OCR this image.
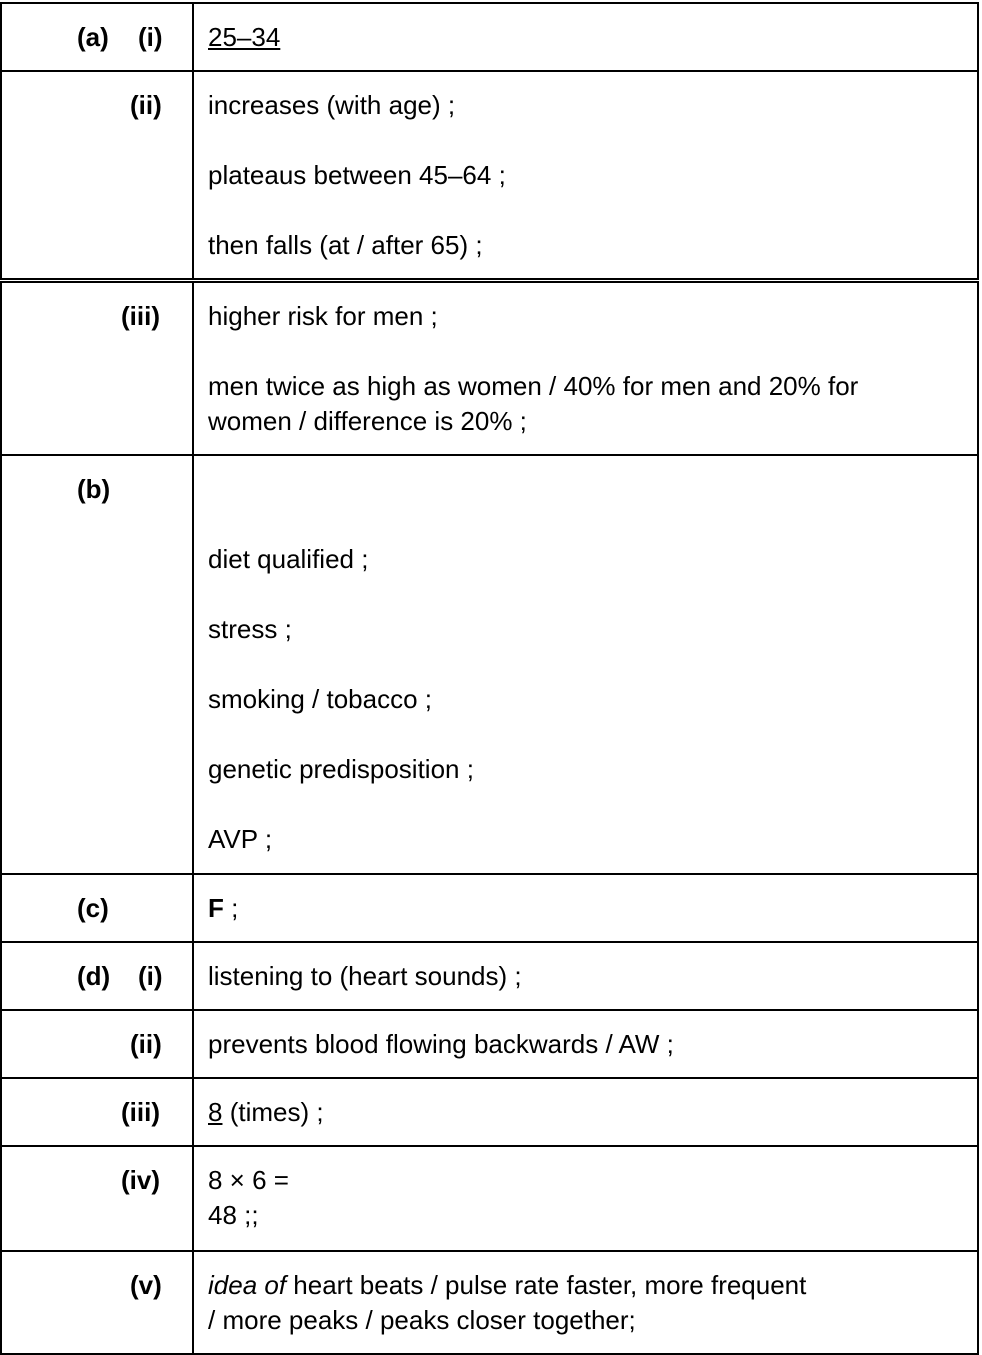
(a) (i)	25–34

(ii)	increases (with age) ;
plateaus between 45–64 ;
then falls (at / after 65) ;
(iii)	higher risk for men ;
men twice as high as women / 40% for men and 20% for
women / difference is 20% ;

(b)	diet qualified ;
stress ;
smoking / tobacco ;
genetic predisposition ;
AVP ;

(c)	F ;

(d) (i)	listening to (heart sounds) ;

(ii)	prevents blood flowing backwards / AW ;

(iii)	8 (times) ;

(iv)	8 × 6 =
48 ;;

(v)	idea of heart beats / pulse rate faster, more frequent
/ more peaks / peaks closer together;
